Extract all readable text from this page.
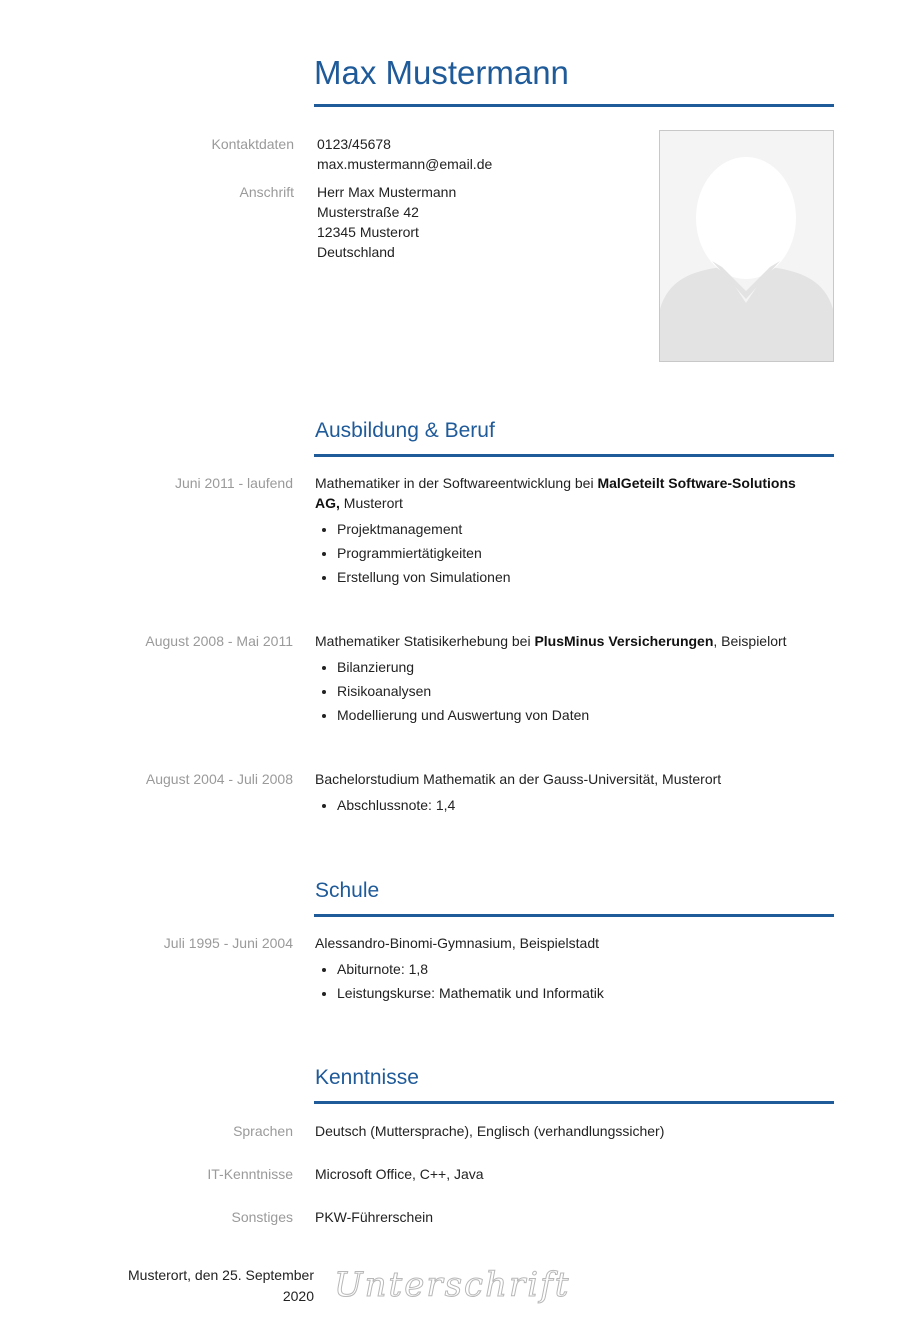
Max Mustermann
Kontaktdaten 0123/45678
max.mustermann@email.de
Anschrift Herr Max Mustermann
Musterstraße 42
12345 Musterort
Deutschland
Ausbildung & Beruf
Juni 2011 - laufend Mathematiker in der Softwareentwicklung bei MalGeteilt Software-Solutions AG, Musterort
• Projektmanagement
• Programmiertätigkeiten
• Erstellung von Simulationen
August 2008 - Mai 2011 Mathematiker Statisikerhebung bei PlusMinus Versicherungen, Beispielort
• Bilanzierung
• Risikoanalysen
• Modellierung und Auswertung von Daten
August 2004 - Juli 2008 Bachelorstudium Mathematik an der Gauss-Universität, Musterort
• Abschlussnote: 1,4
Schule
Juli 1995 - Juni 2004 Alessandro-Binomi-Gymnasium, Beispielstadt
• Abiturnote: 1,8
• Leistungskurse: Mathematik und Informatik
Kenntnisse
Sprachen Deutsch (Muttersprache), Englisch (verhandlungssicher)
IT-Kenntnisse Microsoft Office, C++, Java
Sonstiges PKW-Führerschein
Musterort, den 25. September
2020 Unterschrift
